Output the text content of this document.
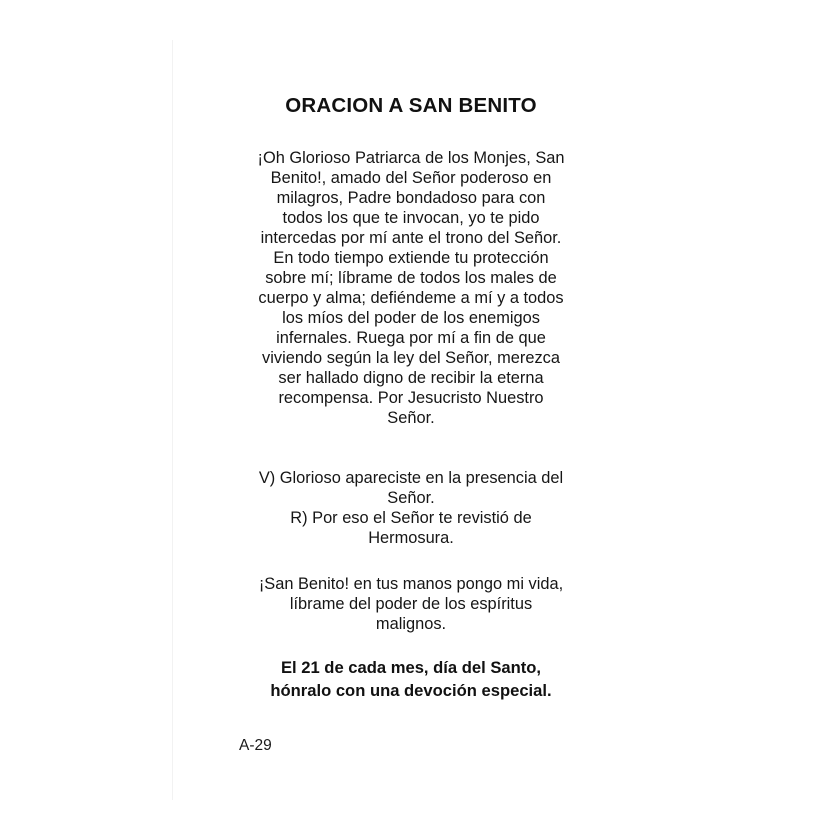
ORACION A SAN BENITO
¡Oh Glorioso Patriarca de los Monjes, San
Benito!, amado del Señor poderoso en
milagros, Padre bondadoso para con
todos los que te invocan, yo te pido
intercedas por mí ante el trono del Señor.
En todo tiempo extiende tu protección
sobre mí; líbrame de todos los males de
cuerpo y alma; defiéndeme a mí y a todos
los míos del poder de los enemigos
infernales. Ruega por mí a fin de que
viviendo según la ley del Señor, merezca
ser hallado digno de recibir la eterna
recompensa. Por Jesucristo Nuestro
Señor.
V) Glorioso apareciste en la presencia del
Señor.
R) Por eso el Señor te revistió de
Hermosura.
¡San Benito! en tus manos pongo mi vida,
líbrame del poder de los espíritus
malignos.
El 21 de cada mes, día del Santo,
hónralo con una devoción especial.
A-29
